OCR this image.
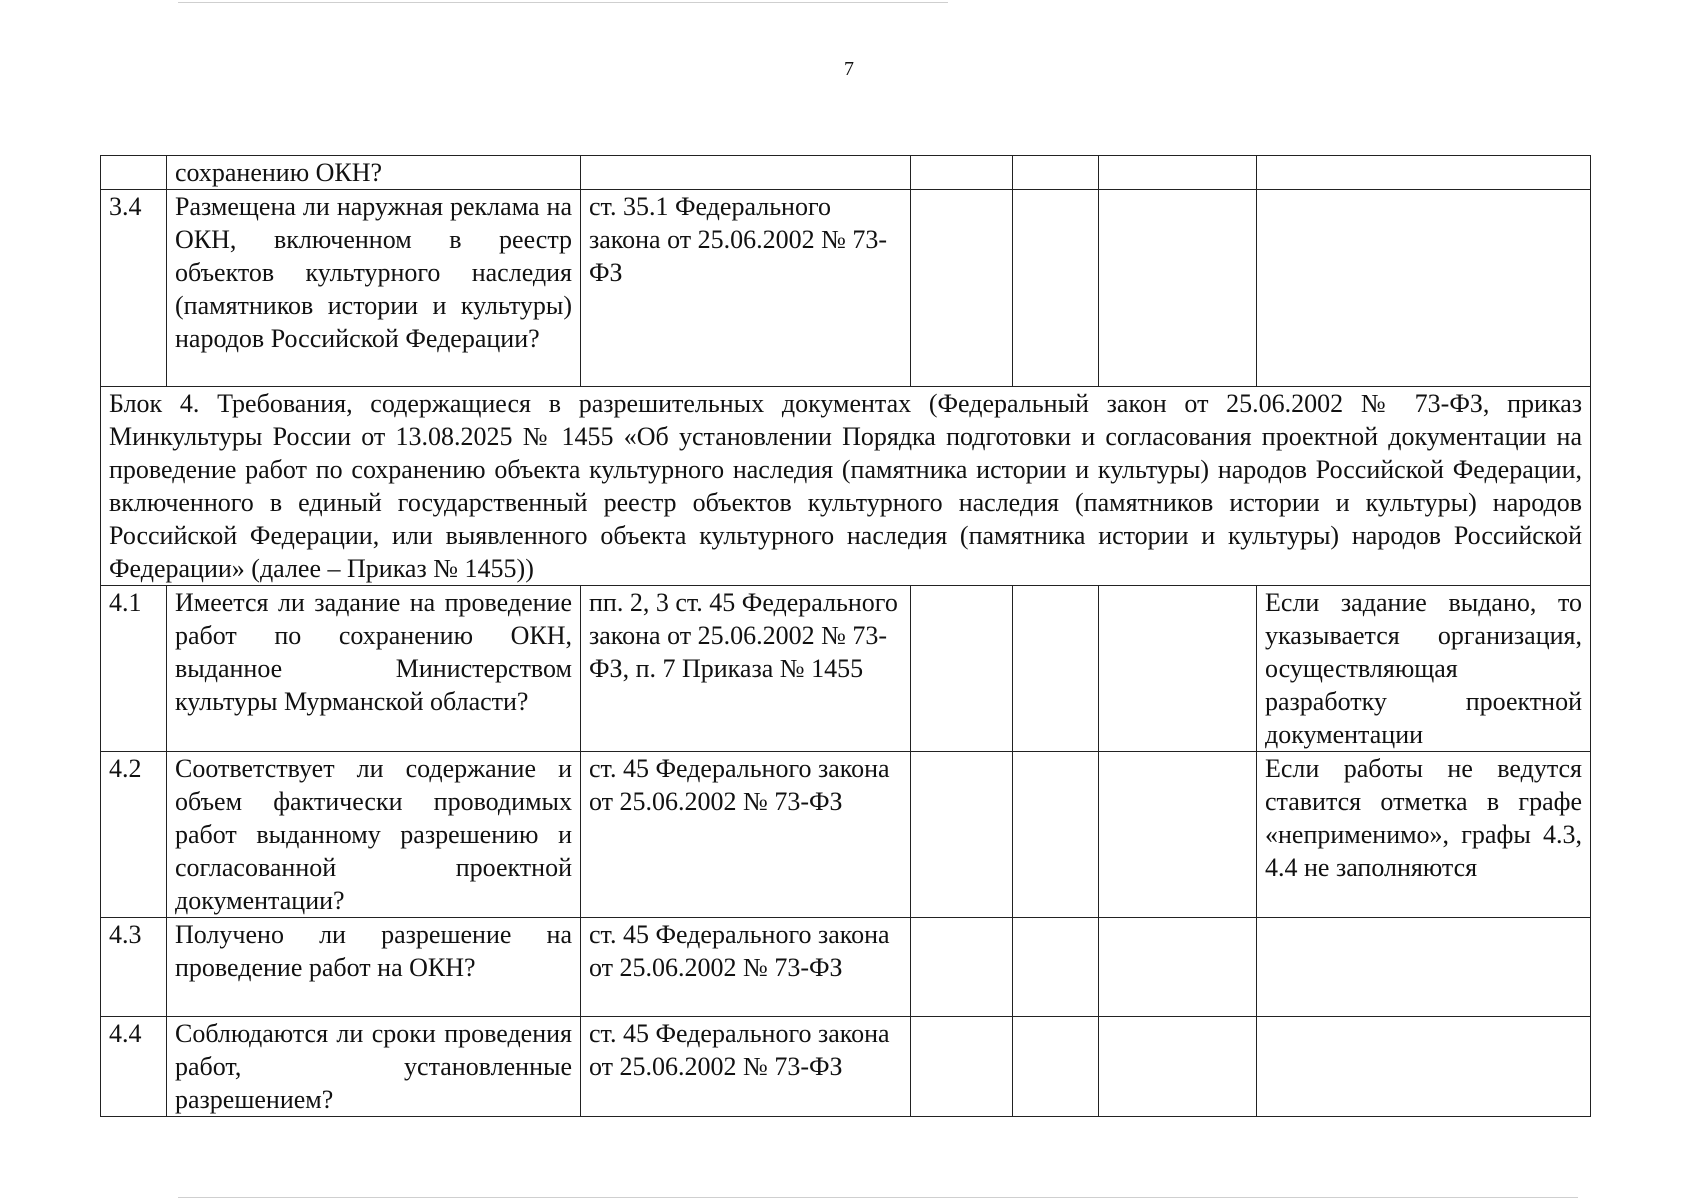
7
	сохранению ОКН?					
3.4	Размещена ли наружная реклама на ОКН, включенном в реестр объектов культурного наследия (памятников истории и культуры) народов Российской Федерации?	ст. 35.1 Федерального закона от 25.06.2002 № 73-ФЗ				
Блок 4. Требования, содержащиеся в разрешительных документах (Федеральный закон от 25.06.2002 № 73-ФЗ, приказ Минкультуры России от 13.08.2025 № 1455 «Об установлении Порядка подготовки и согласования проектной документации на проведение работ по сохранению объекта культурного наследия (памятника истории и культуры) народов Российской Федерации, включенного в единый государственный реестр объектов культурного наследия (памятников истории и культуры) народов Российской Федерации, или выявленного объекта культурного наследия (памятника истории и культуры) народов Российской Федерации» (далее – Приказ № 1455))						
4.1	Имеется ли задание на проведение работ по сохранению ОКН, выданное Министерством культуры Мурманской области?	пп. 2, 3 ст. 45 Федерального закона от 25.06.2002 № 73-ФЗ, п. 7 Приказа № 1455				Если задание выдано, то указывается организация, осуществляющая разработку проектной документации
4.2	Соответствует ли содержание и объем фактически проводимых работ выданному разрешению и согласованной проектной документации?	ст. 45 Федерального закона от 25.06.2002 № 73-ФЗ				Если работы не ведутся ставится отметка в графе «неприменимо», графы 4.3, 4.4 не заполняются
4.3	Получено ли разрешение на проведение работ на ОКН?	ст. 45 Федерального закона от 25.06.2002 № 73-ФЗ				
4.4	Соблюдаются ли сроки проведения работ, установленные разрешением?	ст. 45 Федерального закона от 25.06.2002 № 73-ФЗ				
